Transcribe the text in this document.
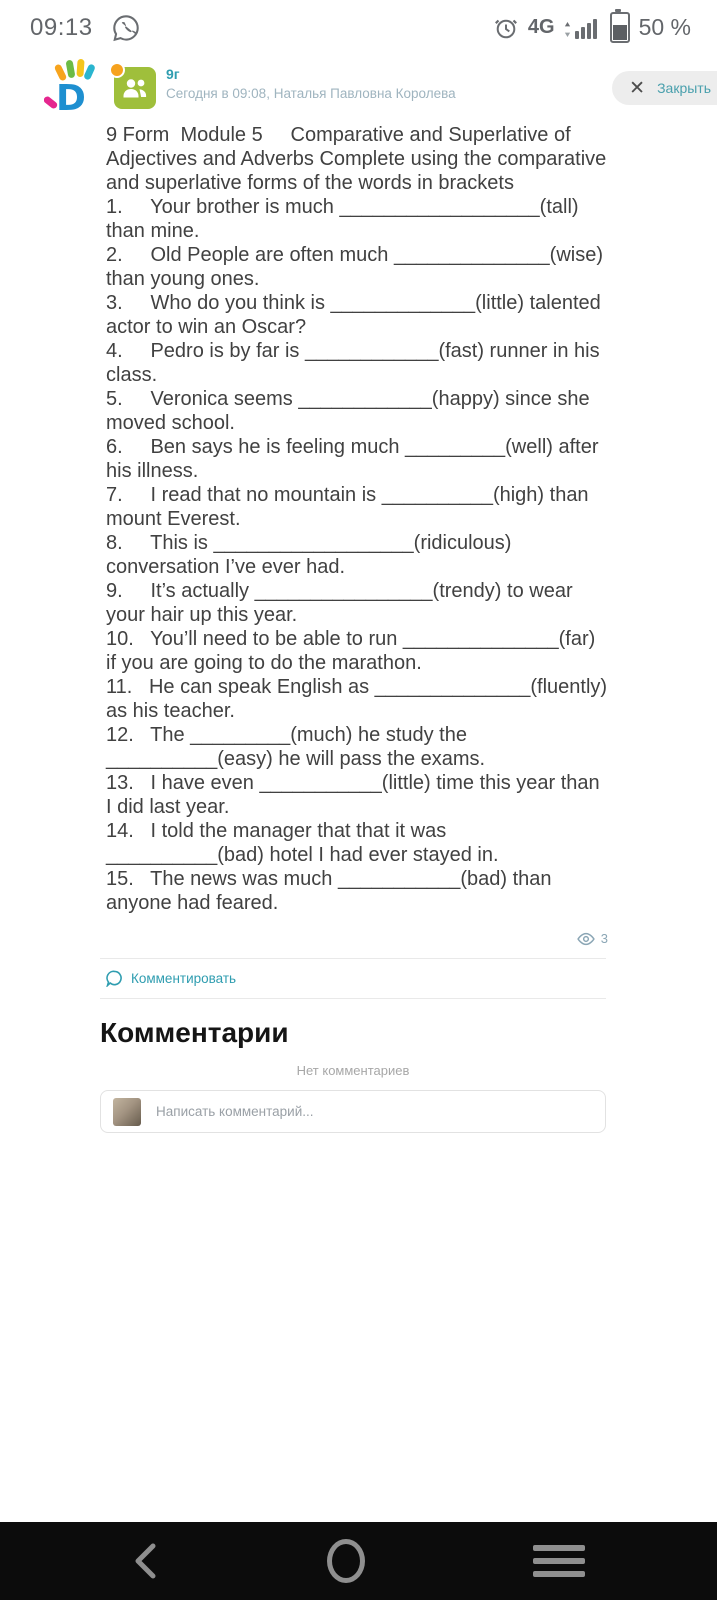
09:13	4G	50 %
D
9г
Сегодня в 09:08, Наталья Павловна Королева	✕ Закрыть
9 Form  Module 5     Comparative and Superlative of Adjectives and Adverbs Complete using the comparative and superlative forms of the words in brackets
1.     Your brother is much __________________(tall) than mine.
2.     Old People are often much ______________(wise) than young ones.
3.     Who do you think is _____________(little) talented actor to win an Oscar?
4.     Pedro is by far is ____________(fast) runner in his class.
5.     Veronica seems ____________(happy) since she moved school.
6.     Ben says he is feeling much _________(well) after his illness.
7.     I read that no mountain is __________(high) than mount Everest.
8.     This is __________________(ridiculous) conversation I’ve ever had.
9.     It’s actually ________________(trendy) to wear your hair up this year.
10.   You’ll need to be able to run ______________(far) if you are going to do the marathon.
11.   He can speak English as ______________(fluently) as his teacher.
12.   The _________(much) he study the __________(easy) he will pass the exams.
13.   I have even ___________(little) time this year than I did last year.
14.   I told the manager that that it was __________(bad) hotel I had ever stayed in.
15.   The news was much ___________(bad) than anyone had feared.
3
Комментировать
Комментарии
Нет комментариев
Написать комментарий...
